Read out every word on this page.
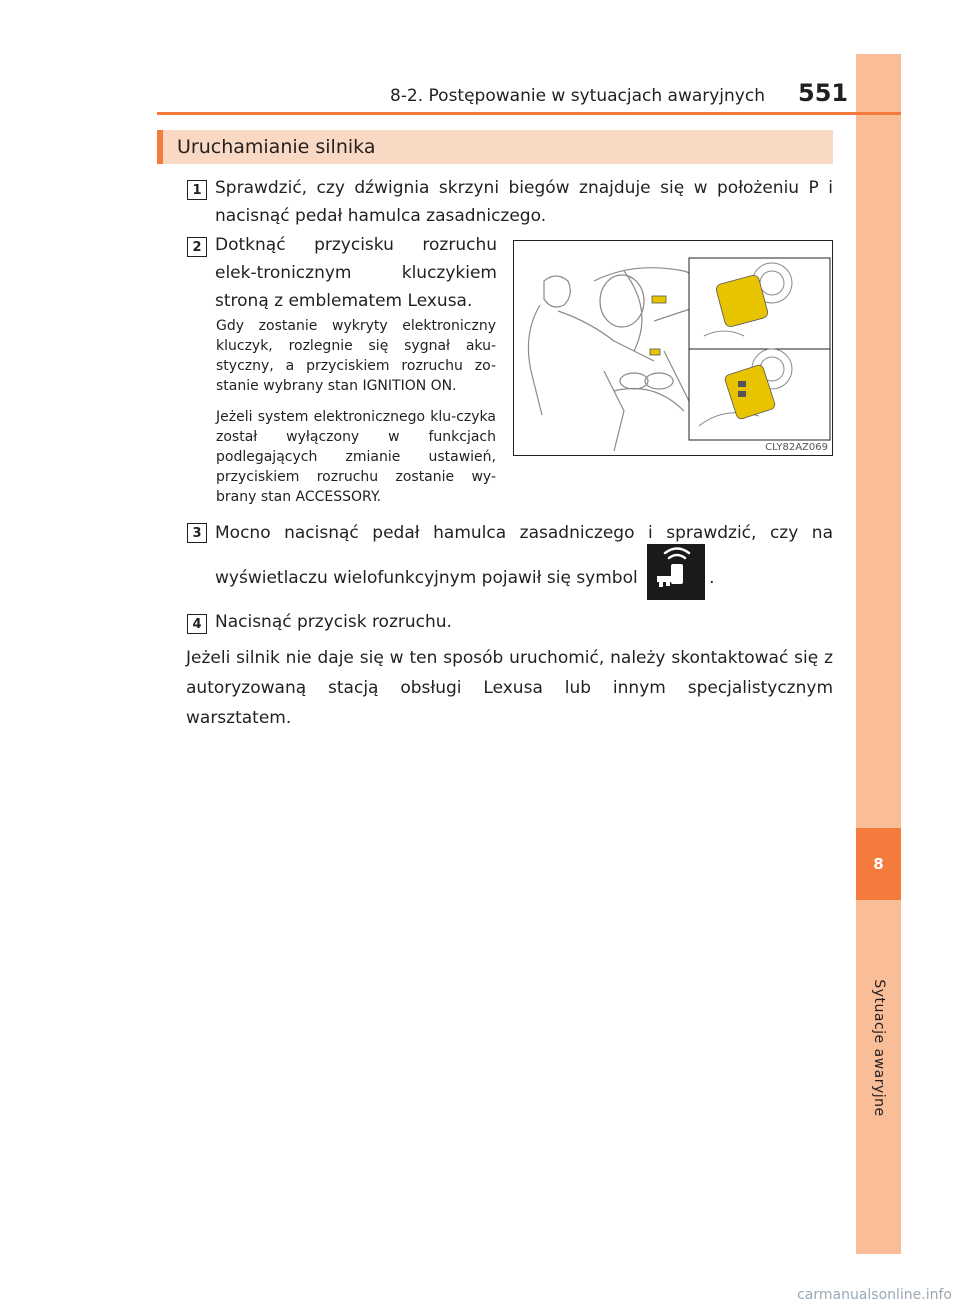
8
Sytuacje awaryjne
8-2. Postępowanie w sytuacjach awaryjnych 551
Uruchamianie silnika
1 Sprawdzić, czy dźwignia skrzyni biegów znajduje się w położeniu P i nacisnąć pedał hamulca zasadniczego.
2 Dotknąć przycisku rozruchu elek-tronicznym kluczykiem stroną z emblematem Lexusa.
Gdy zostanie wykryty elektroniczny kluczyk, rozlegnie się sygnał aku-styczny, a przyciskiem rozruchu zo-stanie wybrany stan IGNITION ON.
Jeżeli system elektronicznego klu-czyka został wyłączony w funkcjach podlegających zmianie ustawień, przyciskiem rozruchu zostanie wy-brany stan ACCESSORY.
CLY82AZ069
3 Mocno nacisnąć pedał hamulca zasadniczego i sprawdzić, czy na wyświetlaczu wielofunkcyjnym pojawił się symbol	.
4 Nacisnąć przycisk rozruchu.
Jeżeli silnik nie daje się w ten sposób uruchomić, należy skontaktować się z autoryzowaną stacją obsługi Lexusa lub innym specjalistycznym warsztatem.
carmanualsonline.info
